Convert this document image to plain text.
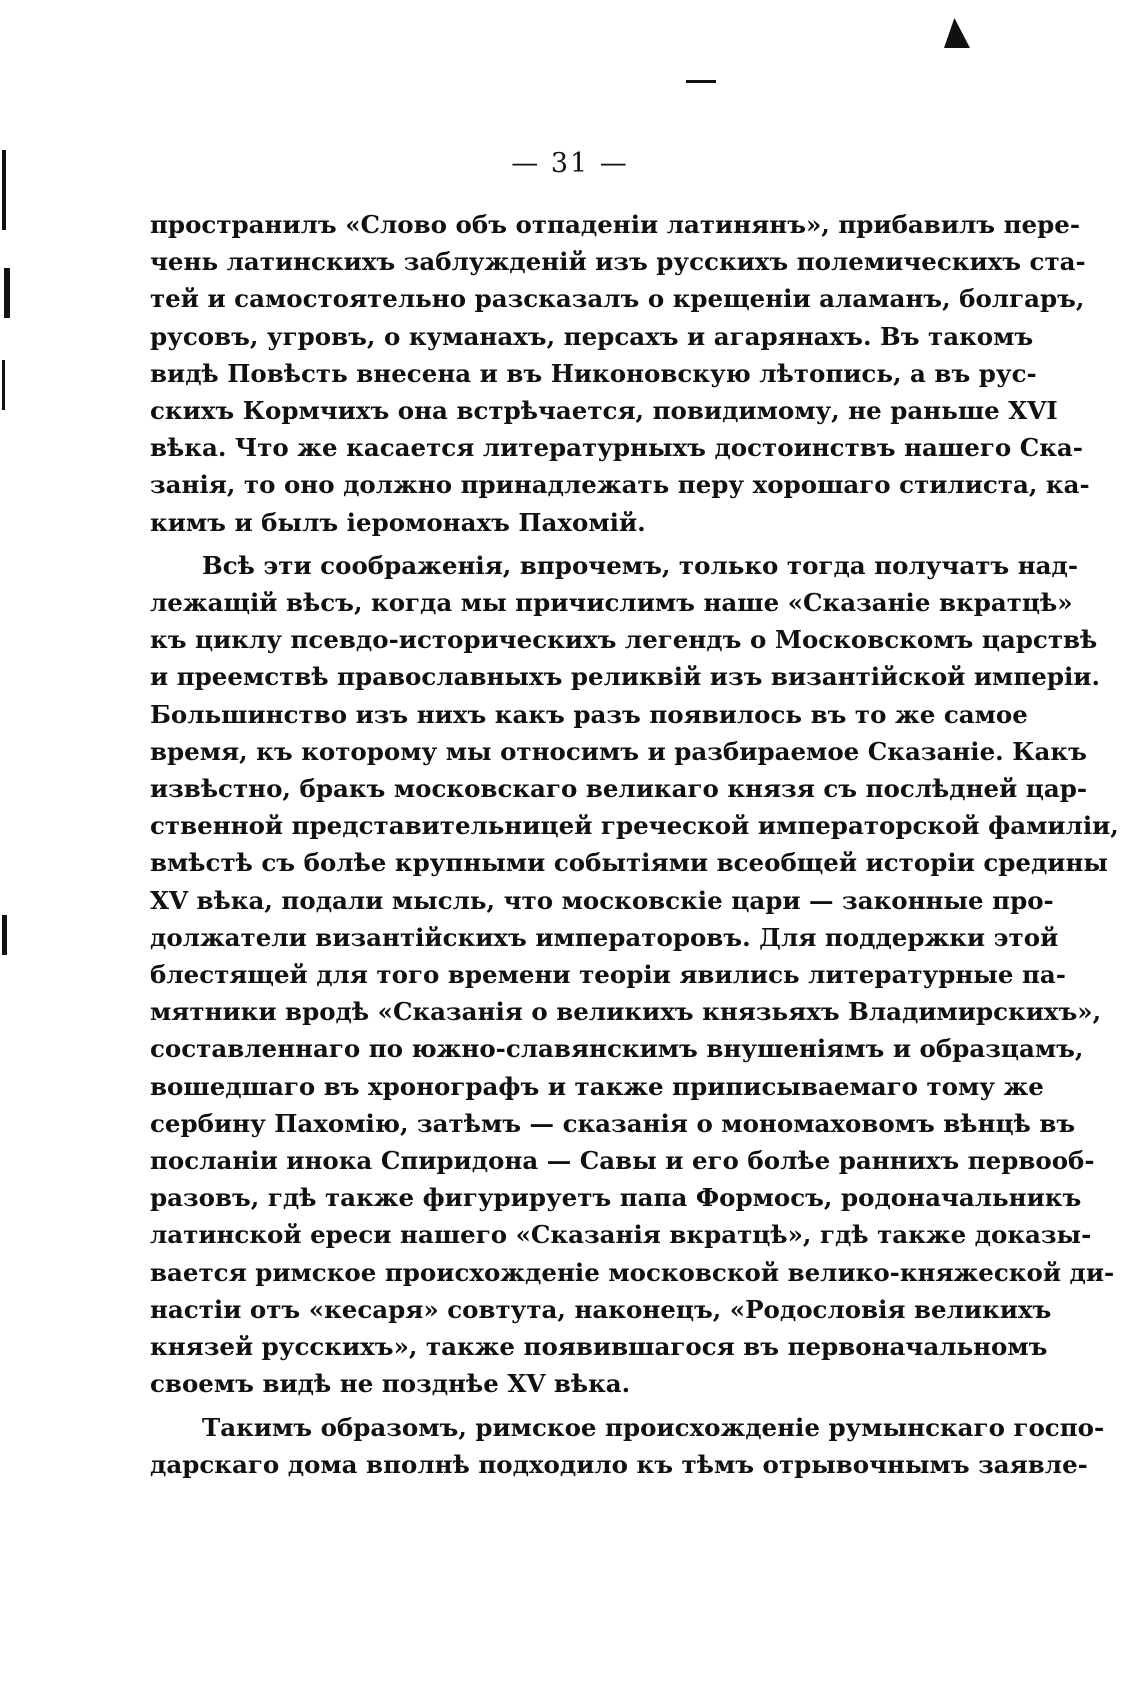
— 31 —
пространилъ «Слово объ отпаденіи латинянъ», прибавилъ пере-
чень латинскихъ заблужденій изъ русскихъ полемическихъ ста-
тей и самостоятельно разсказалъ о крещеніи аламанъ, болгаръ,
русовъ, угровъ, о куманахъ, персахъ и агарянахъ. Въ такомъ
видѣ Повѣсть внесена и въ Никоновскую лѣтопись, а въ рус-
скихъ Кормчихъ она встрѣчается, повидимому, не раньше XVI
вѣка. Что же касается литературныхъ достоинствъ нашего Ска-
занія, то оно должно принадлежать перу хорошаго стилиста, ка-
кимъ и былъ іеромонахъ Пахомій.
Всѣ эти соображенія, впрочемъ, только тогда получатъ над-
лежащій вѣсъ, когда мы причислимъ наше «Сказаніе вкратцѣ»
къ циклу псевдо-историческихъ легендъ о Московскомъ царствѣ
и преемствѣ православныхъ реликвій изъ византійской имперіи.
Большинство изъ нихъ какъ разъ появилось въ то же самое
время, къ которому мы относимъ и разбираемое Сказаніе. Какъ
извѣстно, бракъ московскаго великаго князя съ послѣдней цар-
ственной представительницей греческой императорской фамиліи,
вмѣстѣ съ болѣе крупными событіями всеобщей исторіи средины
XV вѣка, подали мысль, что московскіе цари — законные про-
должатели византійскихъ императоровъ. Для поддержки этой
блестящей для того времени теоріи явились литературные па-
мятники вродѣ «Сказанія о великихъ князьяхъ Владимирскихъ»,
составленнаго по южно-славянскимъ внушеніямъ и образцамъ,
вошедшаго въ хронографъ и также приписываемаго тому же
сербину Пахомію, затѣмъ — сказанія о мономаховомъ вѣнцѣ въ
посланіи инока Спиридона — Савы и его болѣе раннихъ первооб-
разовъ, гдѣ также фигурируетъ папа Формосъ, родоначальникъ
латинской ереси нашего «Сказанія вкратцѣ», гдѣ также доказы-
вается римское происхожденіе московской велико-княжеской ди-
настіи отъ «кесаря» совтута, наконецъ, «Родословія великихъ
князей русскихъ», также появившагося въ первоначальномъ
своемъ видѣ не позднѣе XV вѣка.
Такимъ образомъ, римское происхожденіе румынскаго госпо-
дарскаго дома вполнѣ подходило къ тѣмъ отрывочнымъ заявле-
